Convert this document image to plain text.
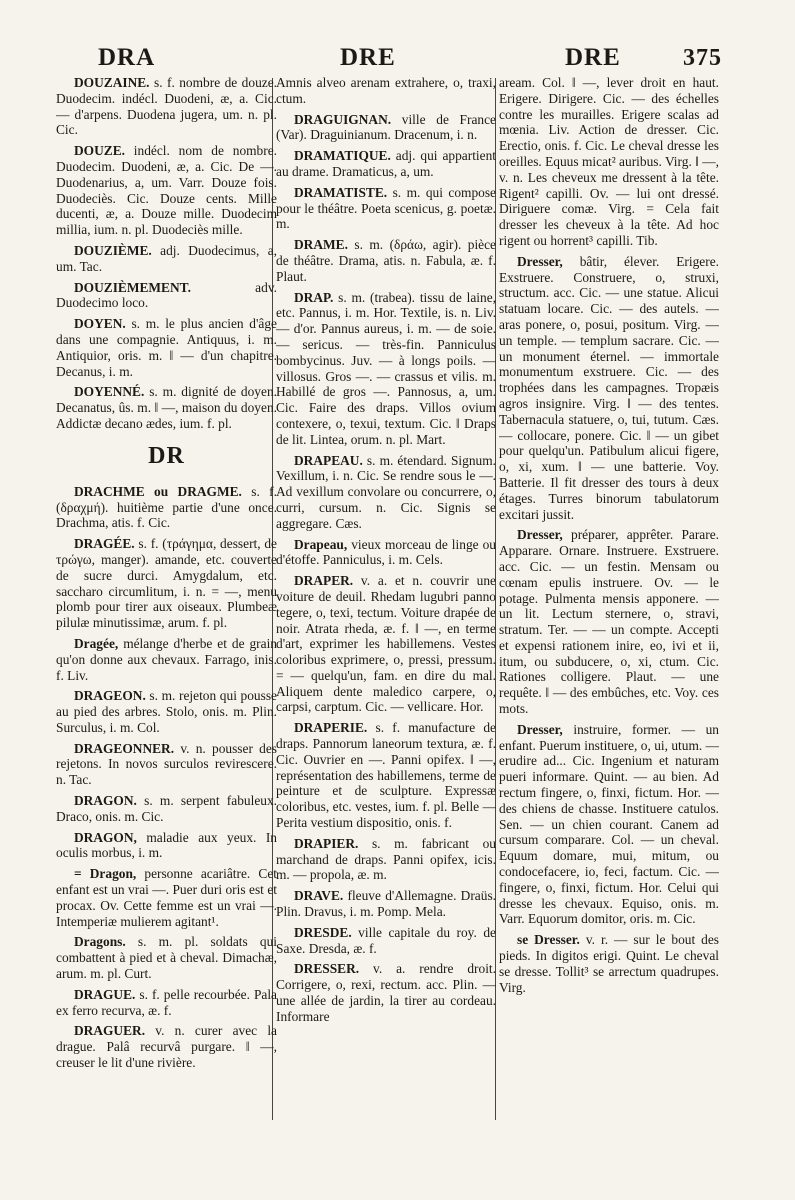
DRA	DRE	DRE	375

DOUZAINE. s. f. nombre de douze. Duodecim. indécl. Duodeni, æ, a. Cic. — d'arpens. Duodena jugera, um. n. pl. Cic.

DOUZE. indécl. nom de nombre. Duodecim. Duodeni, æ, a. Cic. De —. Duodenarius, a, um. Varr. Douze fois. Duodeciès. Cic. Douze cents. Mille ducenti, æ, a. Douze mille. Duodecim millia, ium. n. pl. Duodeciès mille.

DOUZIÈME. adj. Duodecimus, a, um. Tac.

DOUZIÈMEMENT. adv. Duodecimo loco.

DOYEN. s. m. le plus ancien d'âge dans une compagnie. Antiquus, i. m. Antiquior, oris. m. ‖ — d'un chapitre. Decanus, i. m.

DOYENNÉ. s. m. dignité de doyen. Decanatus, ûs. m. ‖ —, maison du doyen. Addictæ decano ædes, ium. f. pl.

DR

DRACHME ou DRAGME. s. f. (δραχμή). huitième partie d'une once. Drachma, atis. f. Cic.

DRAGÉE. s. f. (τράγημα, dessert, de τρώγω, manger). amande, etc. couverte de sucre durci. Amygdalum, etc. saccharo circumlitum, i. n. = —, menu plomb pour tirer aux oiseaux. Plumbeæ pilulæ minutissimæ, arum. f. pl.

Dragée, mélange d'herbe et de grain qu'on donne aux chevaux. Farrago, inis. f. Liv.

DRAGEON. s. m. rejeton qui pousse au pied des arbres. Stolo, onis. m. Plin. Surculus, i. m. Col.

DRAGEONNER. v. n. pousser des rejetons. In novos surculos revirescere. n. Tac.

DRAGON. s. m. serpent fabuleux. Draco, onis. m. Cic.

DRAGON, maladie aux yeux. In oculis morbus, i. m.

= Dragon, personne acariâtre. Cet enfant est un vrai —. Puer duri oris est et procax. Ov. Cette femme est un vrai —. Intemperiæ mulierem agitant¹.

Dragons. s. m. pl. soldats qui combattent à pied et à cheval. Dimachæ, arum. m. pl. Curt.

DRAGUE. s. f. pelle recourbée. Pala ex ferro recurva, æ. f.

DRAGUER. v. n. curer avec la drague. Palâ recurvâ purgare. ‖ —, creuser le lit d'une rivière.

Amnis alveo arenam extrahere, o, traxi, ctum.

DRAGUIGNAN. ville de France (Var). Draguinianum. Dracenum, i. n.

DRAMATIQUE. adj. qui appartient au drame. Dramaticus, a, um.

DRAMATISTE. s. m. qui compose pour le théâtre. Poeta scenicus, g. poetæ. m.

DRAME. s. m. (δράω, agir). pièce de théâtre. Drama, atis. n. Fabula, æ. f. Plaut.

DRAP. s. m. (trabea). tissu de laine, etc. Pannus, i. m. Hor. Textile, is. n. Liv. — d'or. Pannus aureus, i. m. — de soie. — sericus. — très-fin. Panniculus bombycinus. Juv. — à longs poils. — villosus. Gros —. — crassus et vilis. m. Habillé de gros —. Pannosus, a, um. Cic. Faire des draps. Villos ovium contexere, o, texui, textum. Cic. ‖ Draps de lit. Lintea, orum. n. pl. Mart.

DRAPEAU. s. m. étendard. Signum. Vexillum, i. n. Cic. Se rendre sous le —. Ad vexillum convolare ou concurrere, o, curri, cursum. n. Cic. Signis se aggregare. Cæs.

Drapeau, vieux morceau de linge ou d'étoffe. Panniculus, i. m. Cels.

DRAPER. v. a. et n. couvrir une voiture de deuil. Rhedam lugubri panno tegere, o, texi, tectum. Voiture drapée de noir. Atrata rheda, æ. f. ‖ —, en terme d'art, exprimer les habillemens. Vestes coloribus exprimere, o, pressi, pressum. = — quelqu'un, fam. en dire du mal. Aliquem dente maledico carpere, o, carpsi, carptum. Cic. — vellicare. Hor.

DRAPERIE. s. f. manufacture de draps. Pannorum laneorum textura, æ. f. Cic. Ouvrier en —. Panni opifex. ‖ —, représentation des habillemens, terme de peinture et de sculpture. Expressæ coloribus, etc. vestes, ium. f. pl. Belle — Perita vestium dispositio, onis. f.

DRAPIER. s. m. fabricant ou marchand de draps. Panni opifex, icis. m. — propola, æ. m.

DRAVE. fleuve d'Allemagne. Draüs. Plin. Dravus, i. m. Pomp. Mela.

DRESDE. ville capitale du roy. de Saxe. Dresda, æ. f.

DRESSER. v. a. rendre droit. Corrigere, o, rexi, rectum. acc. Plin. — une allée de jardin, la tirer au cordeau. Informare

aream. Col. ‖ —, lever droit en haut. Erigere. Dirigere. Cic. — des échelles contre les murailles. Erigere scalas ad mœnia. Liv. Action de dresser. Cic. Erectio, onis. f. Cic. Le cheval dresse les oreilles. Equus micat² auribus. Virg. ‖ —, v. n. Les cheveux me dressent à la tête. Rigent² capilli. Ov. — lui ont dressé. Diriguere comæ. Virg. = Cela fait dresser les cheveux à la tête. Ad hoc rigent ou horrent³ capilli. Tib.

Dresser, bâtir, élever. Erigere. Exstruere. Construere, o, struxi, structum. acc. Cic. — une statue. Alicui statuam locare. Cic. — des autels. — aras ponere, o, posui, positum. Virg. — un temple. — templum sacrare. Cic. — un monument éternel. — immortale monumentum exstruere. Cic. — des trophées dans les campagnes. Tropæis agros insignire. Virg. ‖ — des tentes. Tabernacula statuere, o, tui, tutum. Cæs. — collocare, ponere. Cic. ‖ — un gibet pour quelqu'un. Patibulum alicui figere, o, xi, xum. ‖ — une batterie. Voy. Batterie. Il fit dresser des tours à deux étages. Turres binorum tabulatorum excitari jussit.

Dresser, préparer, apprêter. Parare. Apparare. Ornare. Instruere. Exstruere. acc. Cic. — un festin. Mensam ou cœnam epulis instruere. Ov. — le potage. Pulmenta mensis apponere. — un lit. Lectum sternere, o, stravi, stratum. Ter. — — un compte. Accepti et expensi rationem inire, eo, ivi et ii, itum, ou subducere, o, xi, ctum. Cic. Rationes colligere. Plaut. — une requête. ‖ — des embûches, etc. Voy. ces mots.

Dresser, instruire, former. — un enfant. Puerum instituere, o, ui, utum. — erudire ad... Cic. Ingenium et naturam pueri informare. Quint. — au bien. Ad rectum fingere, o, finxi, fictum. Hor. — des chiens de chasse. Instituere catulos. Sen. — un chien courant. Canem ad cursum comparare. Col. — un cheval. Equum domare, mui, mitum, ou condocefacere, io, feci, factum. Cic. — fingere, o, finxi, fictum. Hor. Celui qui dresse les chevaux. Equiso, onis. m. Varr. Equorum domitor, oris. m. Cic.

se Dresser. v. r. — sur le bout des pieds. In digitos erigi. Quint. Le cheval se dresse. Tollit³ se arrectum quadrupes. Virg.
